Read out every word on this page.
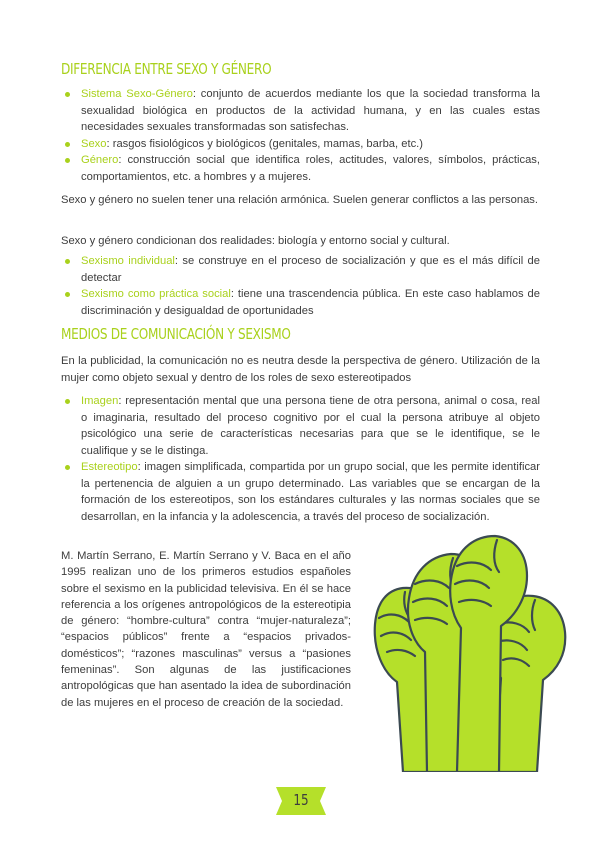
DIFERENCIA ENTRE SEXO Y GÉNERO
Sistema Sexo-Género: conjunto de acuerdos mediante los que la sociedad transforma la sexualidad biológica en productos de la actividad humana, y en las cuales estas necesidades sexuales transformadas son satisfechas.
Sexo: rasgos fisiológicos y biológicos (genitales, mamas, barba, etc.)
Género: construcción social que identifica roles, actitudes, valores, símbolos, prácticas, comportamientos, etc. a hombres y a mujeres.

Sexo y género no suelen tener una relación armónica. Suelen generar conflictos a las personas.

Sexo y género condicionan dos realidades: biología y entorno social y cultural.

Sexismo individual: se construye en el proceso de socialización y que es el más difícil de detectar
Sexismo como práctica social: tiene una trascendencia pública. En este caso hablamos de discriminación y desigualdad de oportunidades
MEDIOS DE COMUNICACIÓN Y SEXISMO

En la publicidad, la comunicación no es neutra desde la perspectiva de género. Utilización de la mujer como objeto sexual y dentro de los roles de sexo estereotipados

Imagen: representación mental que una persona tiene de otra persona, animal o cosa, real o imaginaria, resultado del proceso cognitivo por el cual la persona atribuye al objeto psicológico una serie de características necesarias para que se le identifique, se le cualifique y se le distinga.
Estereotipo: imagen simplificada, compartida por un grupo social, que les permite identificar la pertenencia de alguien a un grupo determinado. Las variables que se encargan de la formación de los estereotipos, son los estándares culturales y las normas sociales que se desarrollan, en la infancia y la adolescencia, a través del proceso de socialización.

M. Martín Serrano, E. Martín Serrano y V. Baca en el año 1995 realizan uno de los primeros estudios españoles sobre el sexismo en la publicidad televisiva. En él se hace referencia a los orígenes antropológicos de la estereotipia de género: “hombre-cultura” contra “mujer-naturaleza”; “espacios públicos” frente a “espacios privados-domésticos”; “razones masculinas” versus a “pasiones femeninas”. Son algunas de las justificaciones antropológicas que han asentado la idea de subordinación de las mujeres en el proceso de creación de la sociedad.

15
